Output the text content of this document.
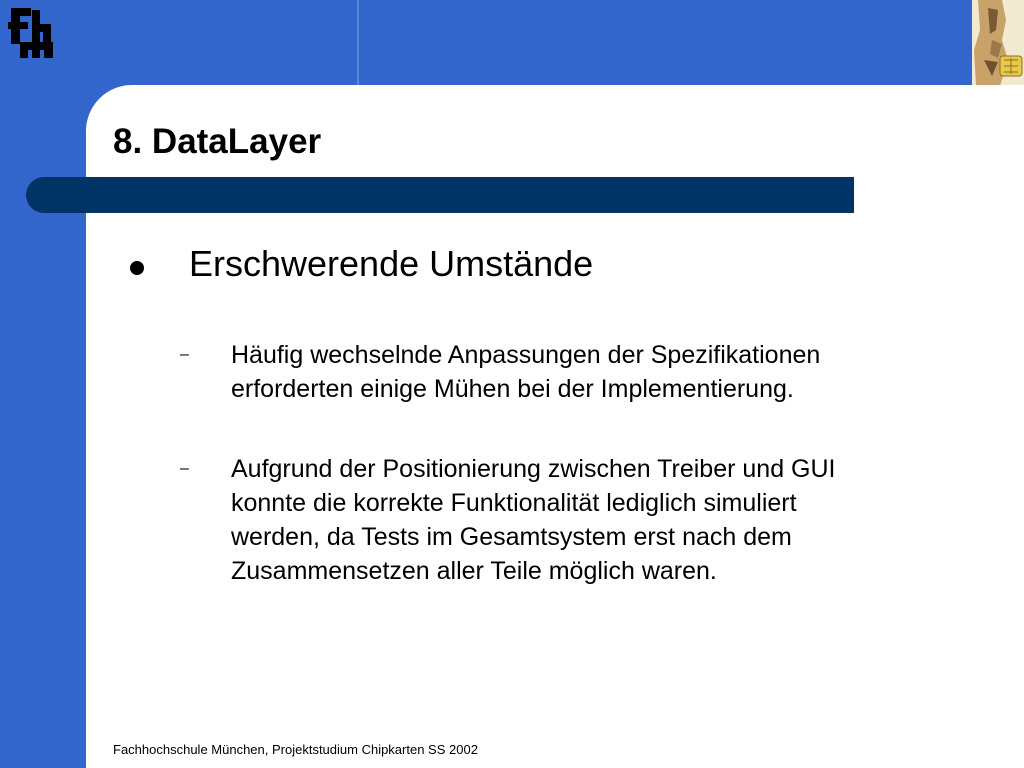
8. DataLayer
Erschwerende Umstände
– Häufig wechselnde Anpassungen der Spezifikationen
erforderten einige Mühen bei der Implementierung.
– Aufgrund der Positionierung zwischen Treiber und GUI
konnte die korrekte Funktionalität lediglich simuliert
werden, da Tests im Gesamtsystem erst nach dem
Zusammensetzen aller Teile möglich waren.
Fachhochschule München, Projektstudium Chipkarten SS 2002
